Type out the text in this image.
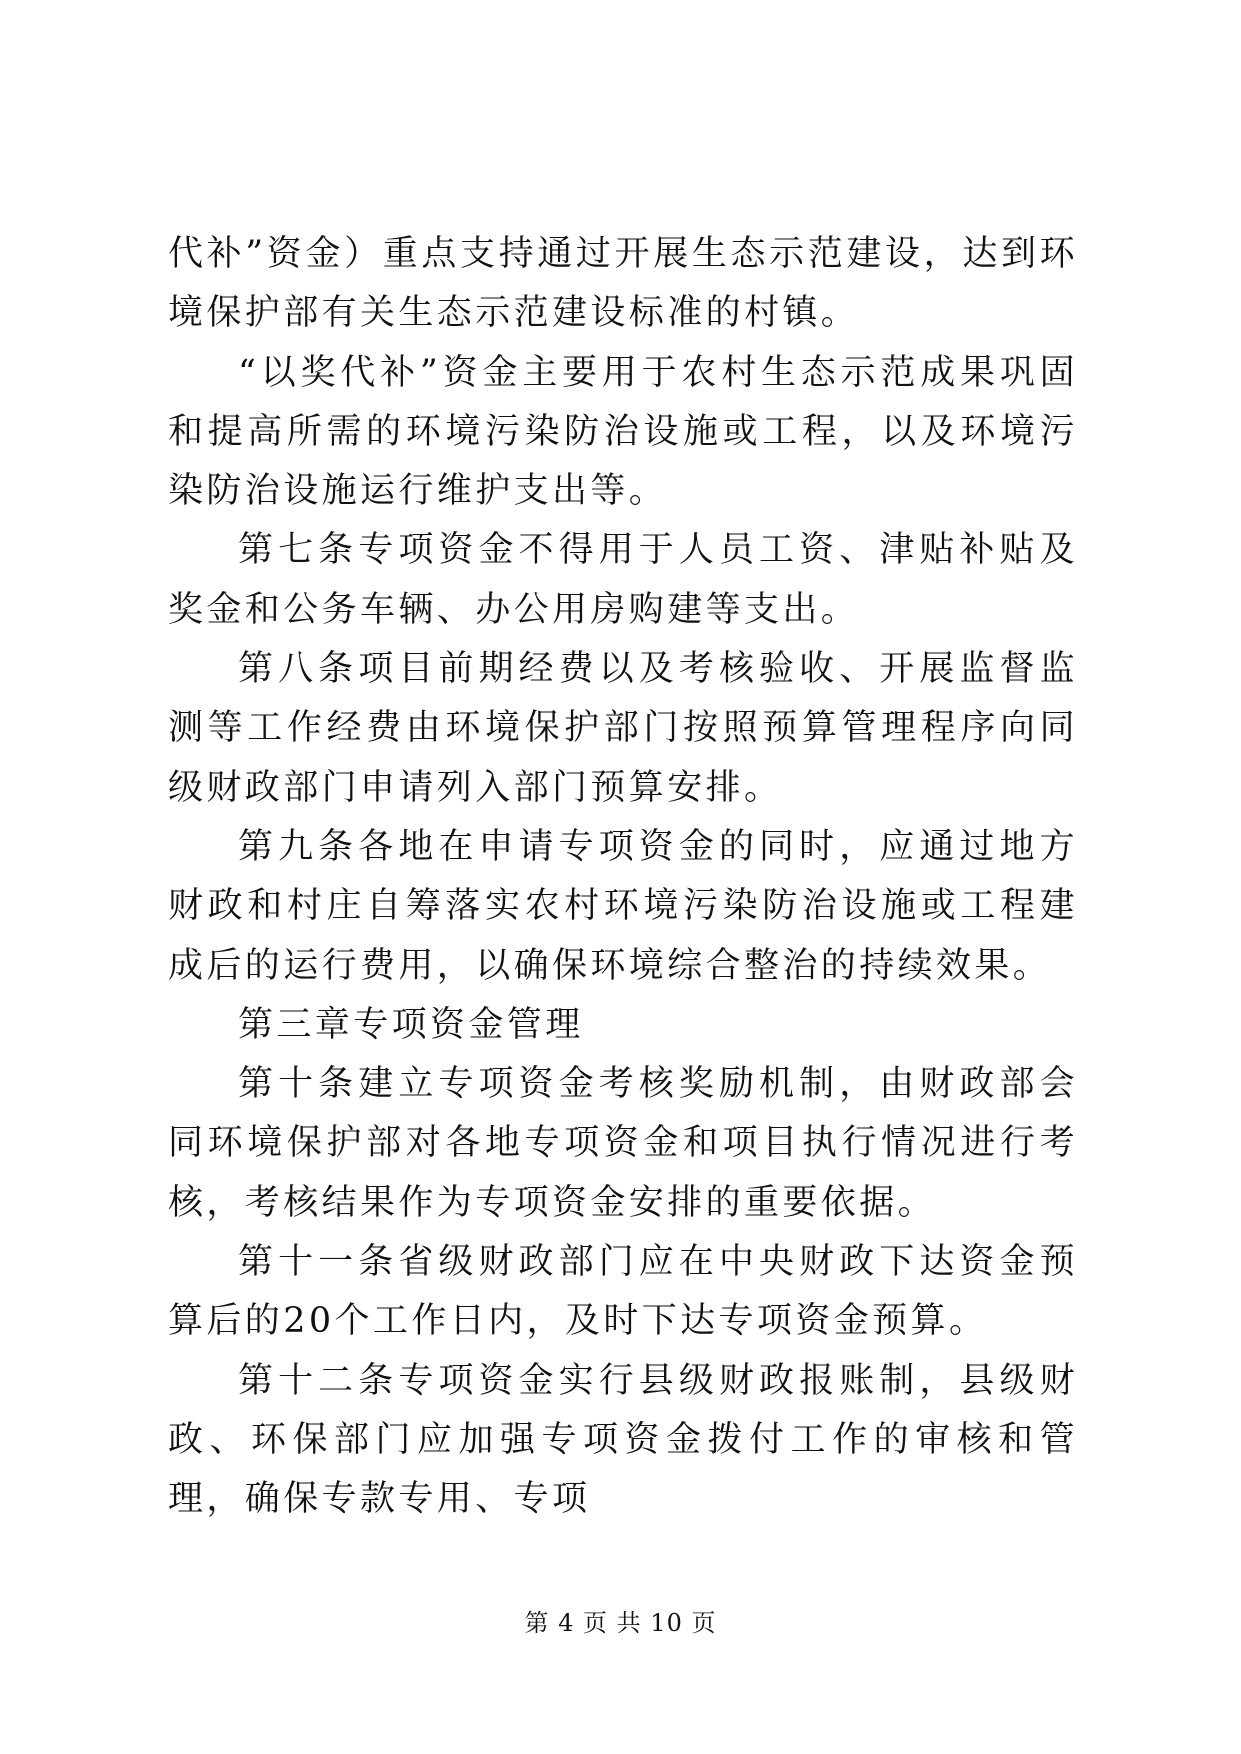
代补”资金）重点支持通过开展生态示范建设，达到环境保护部有关生态示范建设标准的村镇。

“以奖代补”资金主要用于农村生态示范成果巩固和提高所需的环境污染防治设施或工程，以及环境污染防治设施运行维护支出等。

第七条专项资金不得用于人员工资、津贴补贴及奖金和公务车辆、办公用房购建等支出。

第八条项目前期经费以及考核验收、开展监督监测等工作经费由环境保护部门按照预算管理程序向同级财政部门申请列入部门预算安排。

第九条各地在申请专项资金的同时，应通过地方财政和村庄自筹落实农村环境污染防治设施或工程建成后的运行费用，以确保环境综合整治的持续效果。

第三章专项资金管理

第十条建立专项资金考核奖励机制，由财政部会同环境保护部对各地专项资金和项目执行情况进行考核，考核结果作为专项资金安排的重要依据。

第十一条省级财政部门应在中央财政下达资金预算后的20个工作日内，及时下达专项资金预算。

第十二条专项资金实行县级财政报账制，县级财政、环保部门应加强专项资金拨付工作的审核和管理，确保专款专用、专项

第 4 页 共 10 页
